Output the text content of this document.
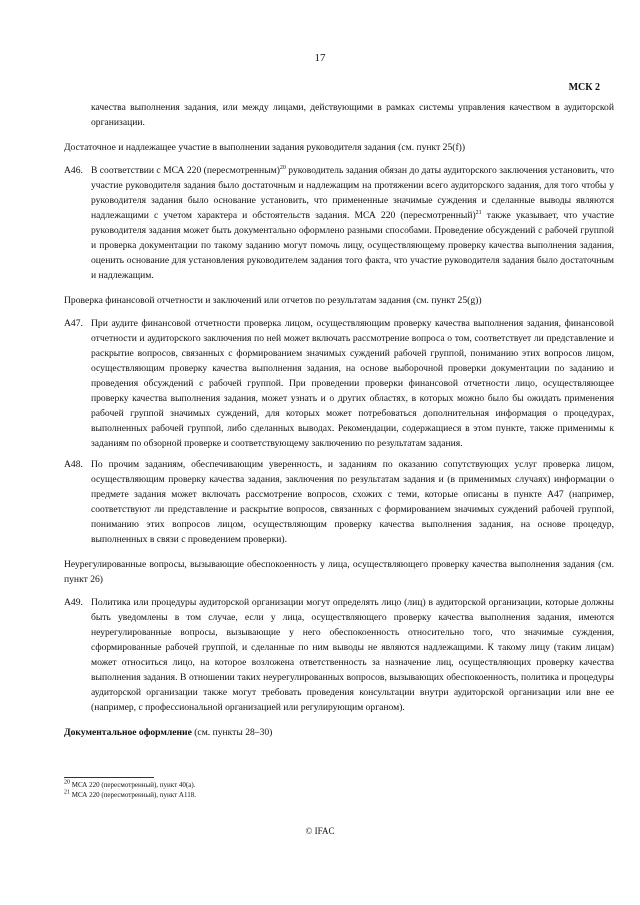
17
МСК 2
качества выполнения задания, или между лицами, действующими в рамках системы управления качеством в аудиторской организации.
Достаточное и надлежащее участие в выполнении задания руководителя задания (см. пункт 25(f))
A46. В соответствии с МСА 220 (пересмотренным)$^{20}$ руководитель задания обязан до даты аудиторского заключения установить, что участие руководителя задания было достаточным и надлежащим на протяжении всего аудиторского задания, для того чтобы у руководителя задания было основание установить, что примененные значимые суждения и сделанные выводы являются надлежащими с учетом характера и обстоятельств задания. МСА 220 (пересмотренный)$^{21}$ также указывает, что участие руководителя задания может быть документально оформлено разными способами. Проведение обсуждений с рабочей группой и проверка документации по такому заданию могут помочь лицу, осуществляющему проверку качества выполнения задания, оценить основание для установления руководителем задания того факта, что участие руководителя задания было достаточным и надлежащим.
Проверка финансовой отчетности и заключений или отчетов по результатам задания (см. пункт 25(g))
A47. При аудите финансовой отчетности проверка лицом, осуществляющим проверку качества выполнения задания, финансовой отчетности и аудиторского заключения по ней может включать рассмотрение вопроса о том, соответствует ли представление и раскрытие вопросов, связанных с формированием значимых суждений рабочей группой, пониманию этих вопросов лицом, осуществляющим проверку качества выполнения задания, на основе выборочной проверки документации по заданию и проведения обсуждений с рабочей группой. При проведении проверки финансовой отчетности лицо, осуществляющее проверку качества выполнения задания, может узнать и о других областях, в которых можно было бы ожидать применения рабочей группой значимых суждений, для которых может потребоваться дополнительная информация о процедурах, выполненных рабочей группой, либо сделанных выводах. Рекомендации, содержащиеся в этом пункте, также применимы к заданиям по обзорной проверке и соответствующему заключению по результатам задания.
A48. По прочим заданиям, обеспечивающим уверенность, и заданиям по оказанию сопутствующих услуг проверка лицом, осуществляющим проверку качества задания, заключения по результатам задания и (в применимых случаях) информации о предмете задания может включать рассмотрение вопросов, схожих с теми, которые описаны в пункте A47 (например, соответствуют ли представление и раскрытие вопросов, связанных с формированием значимых суждений рабочей группой, пониманию этих вопросов лицом, осуществляющим проверку качества выполнения задания, на основе процедур, выполненных в связи с проведением проверки).
Неурегулированные вопросы, вызывающие обеспокоенность у лица, осуществляющего проверку качества выполнения задания (см. пункт 26)
A49. Политика или процедуры аудиторской организации могут определять лицо (лиц) в аудиторской организации, которые должны быть уведомлены в том случае, если у лица, осуществляющего проверку качества выполнения задания, имеются неурегулированные вопросы, вызывающие у него обеспокоенность относительно того, что значимые суждения, сформированные рабочей группой, и сделанные по ним выводы не являются надлежащими. К такому лицу (таким лицам) может относиться лицо, на которое возложена ответственность за назначение лиц, осуществляющих проверку качества выполнения задания. В отношении таких неурегулированных вопросов, вызывающих обеспокоенность, политика и процедуры аудиторской организации также могут требовать проведения консультации внутри аудиторской организации или вне ее (например, с профессиональной организацией или регулирующим органом).
Документальное оформление (см. пункты 28–30)
$^{20}$ МСА 220 (пересмотренный), пункт 40(а).
$^{21}$ МСА 220 (пересмотренный), пункт A118.
© IFAC
